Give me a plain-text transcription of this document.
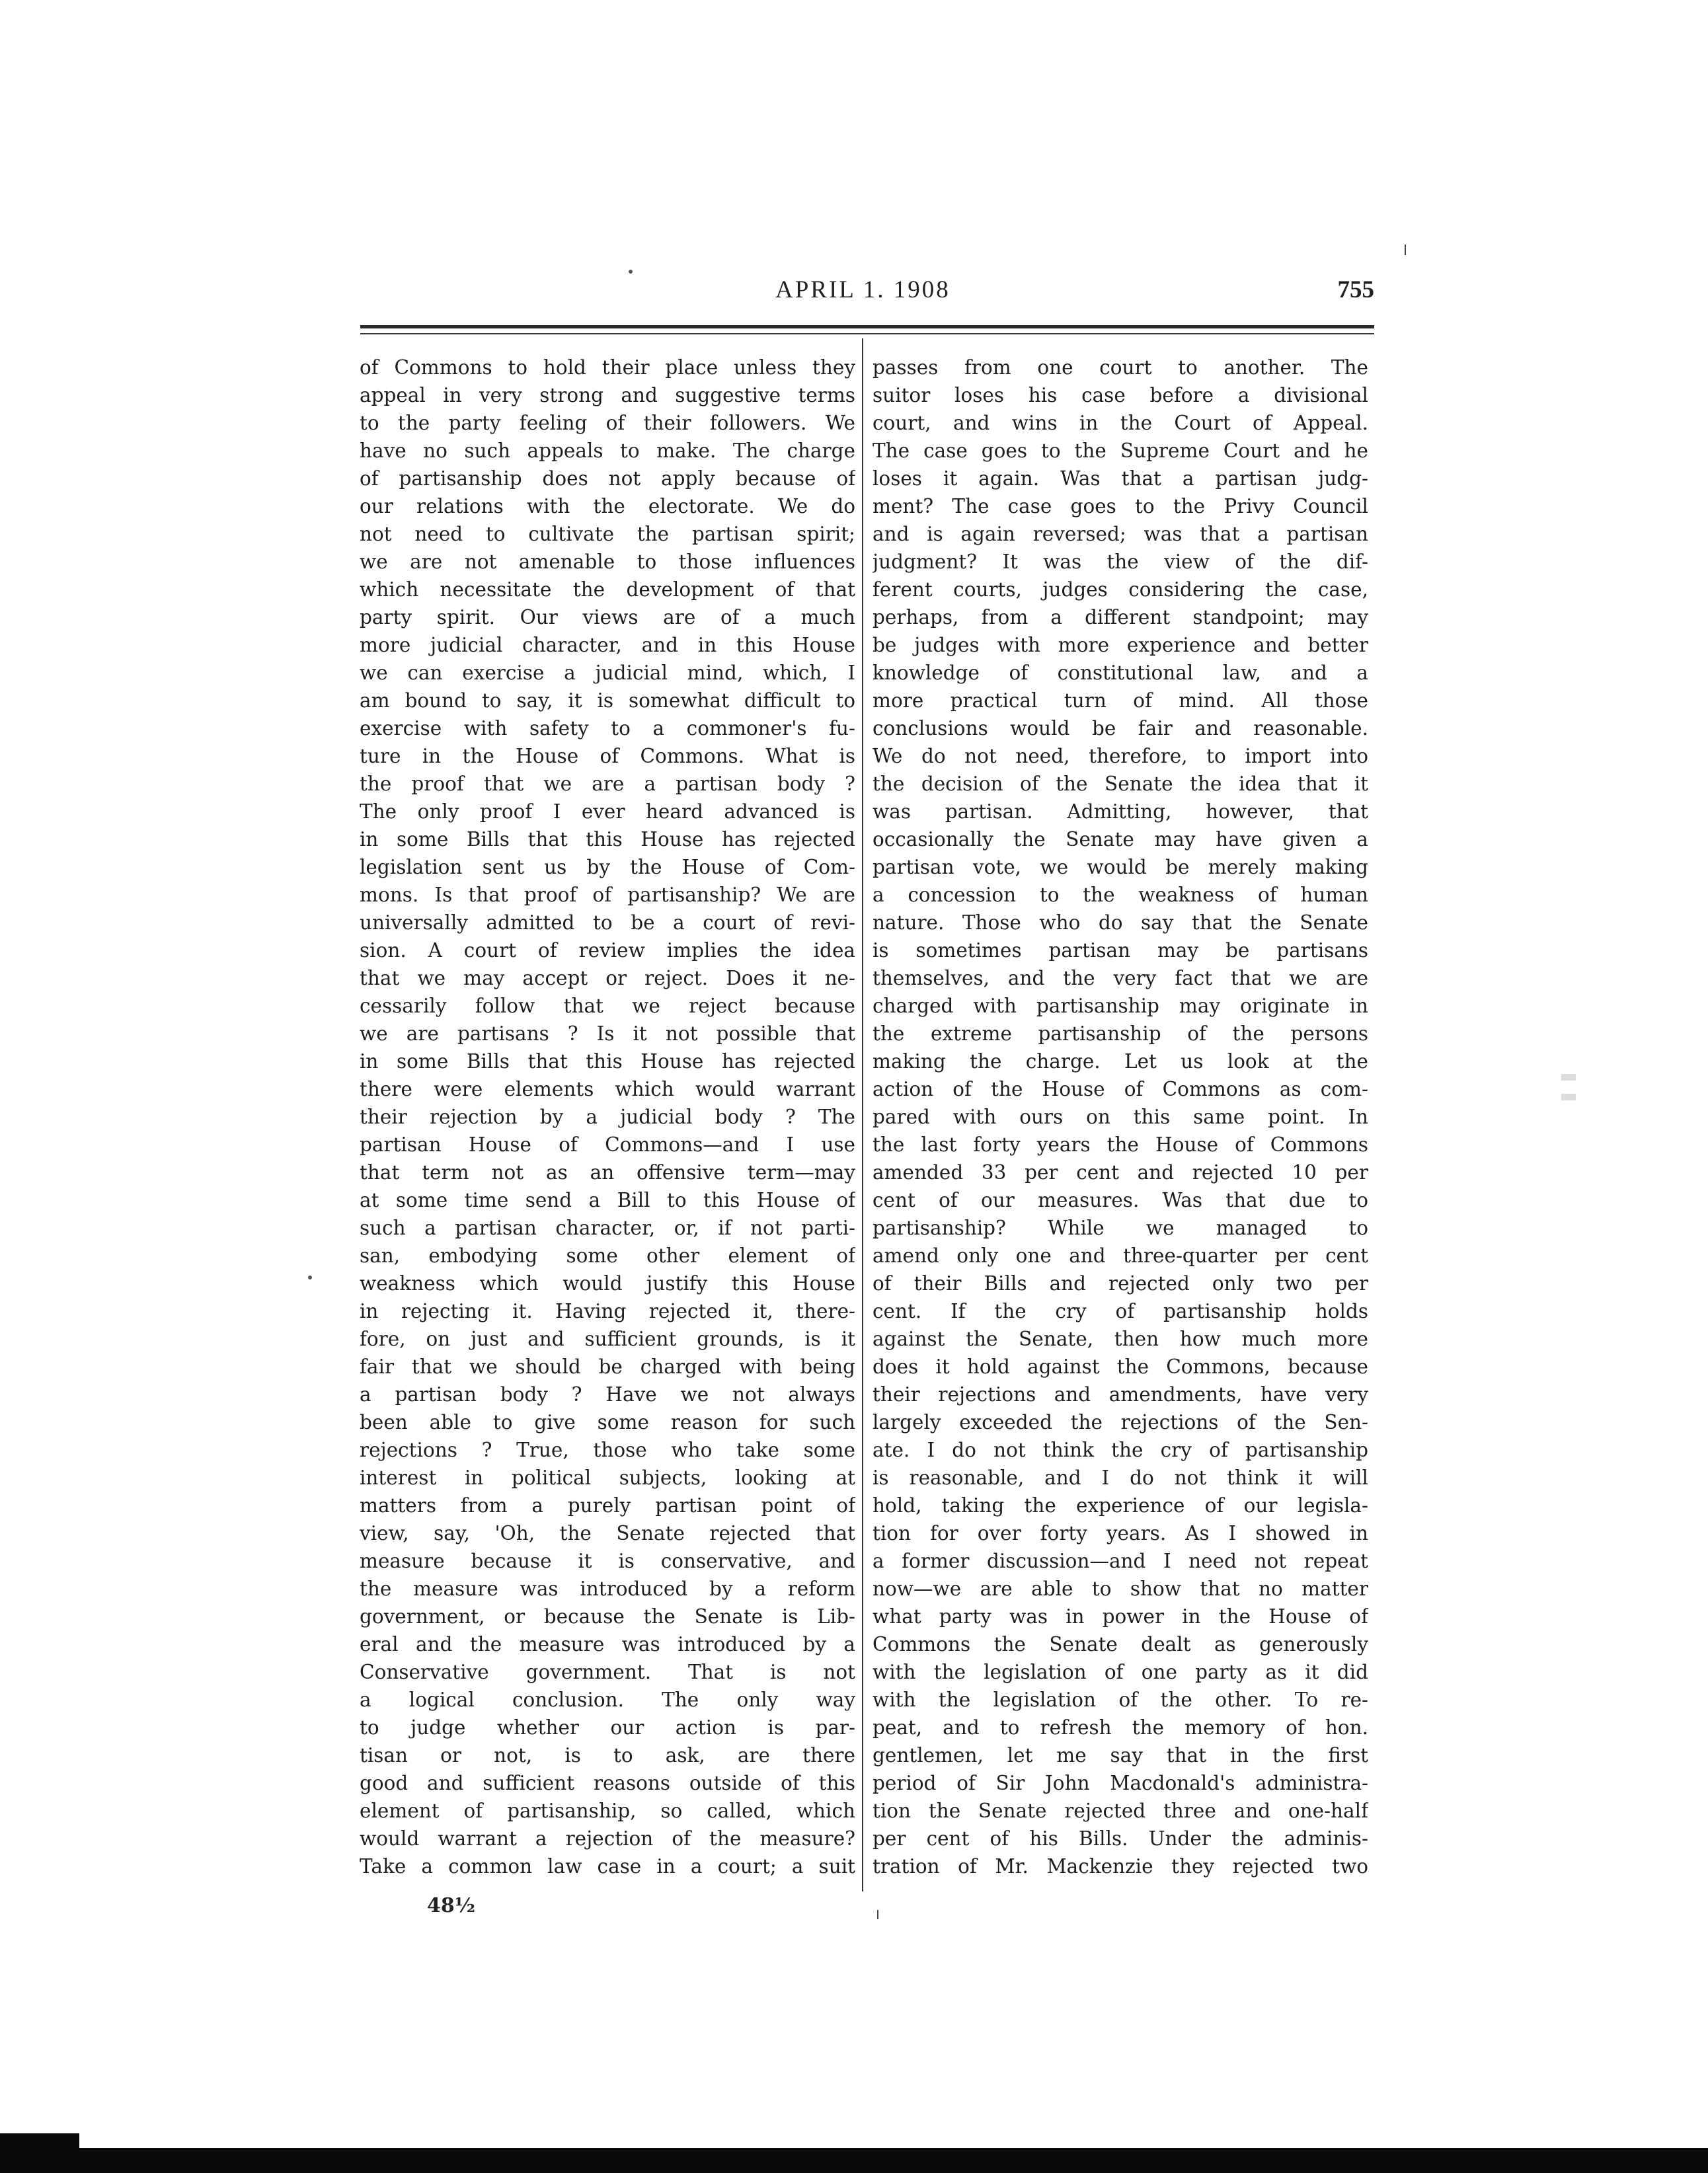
APRIL 1. 1908	755
of Commons to hold their place unless they
appeal in very strong and suggestive terms
to the party feeling of their followers. We
have no such appeals to make. The charge
of partisanship does not apply because of
our relations with the electorate. We do
not need to cultivate the partisan spirit;
we are not amenable to those influences
which necessitate the development of that
party spirit. Our views are of a much
more judicial character, and in this House
we can exercise a judicial mind, which, I
am bound to say, it is somewhat difficult to
exercise with safety to a commoner's fu-
ture in the House of Commons. What is
the proof that we are a partisan body ?
The only proof I ever heard advanced is
in some Bills that this House has rejected
legislation sent us by the House of Com-
mons. Is that proof of partisanship? We are
universally admitted to be a court of revi-
sion. A court of review implies the idea
that we may accept or reject. Does it ne-
cessarily follow that we reject because
we are partisans ? Is it not possible that
in some Bills that this House has rejected
there were elements which would warrant
their rejection by a judicial body ? The
partisan House of Commons—and I use
that term not as an offensive term—may
at some time send a Bill to this House of
such a partisan character, or, if not parti-
san, embodying some other element of
weakness which would justify this House
in rejecting it. Having rejected it, there-
fore, on just and sufficient grounds, is it
fair that we should be charged with being
a partisan body ? Have we not always
been able to give some reason for such
rejections ? True, those who take some
interest in political subjects, looking at
matters from a purely partisan point of
view, say, 'Oh, the Senate rejected that
measure because it is conservative, and
the measure was introduced by a reform
government, or because the Senate is Lib-
eral and the measure was introduced by a
Conservative government. That is not
a logical conclusion. The only way
to judge whether our action is par-
tisan or not, is to ask, are there
good and sufficient reasons outside of this
element of partisanship, so called, which
would warrant a rejection of the measure?
Take a common law case in a court; a suit
passes from one court to another. The
suitor loses his case before a divisional
court, and wins in the Court of Appeal.
The case goes to the Supreme Court and he
loses it again. Was that a partisan judg-
ment? The case goes to the Privy Council
and is again reversed; was that a partisan
judgment? It was the view of the dif-
ferent courts, judges considering the case,
perhaps, from a different standpoint; may
be judges with more experience and better
knowledge of constitutional law, and a
more practical turn of mind. All those
conclusions would be fair and reasonable.
We do not need, therefore, to import into
the decision of the Senate the idea that it
was partisan. Admitting, however, that
occasionally the Senate may have given a
partisan vote, we would be merely making
a concession to the weakness of human
nature. Those who do say that the Senate
is sometimes partisan may be partisans
themselves, and the very fact that we are
charged with partisanship may originate in
the extreme partisanship of the persons
making the charge. Let us look at the
action of the House of Commons as com-
pared with ours on this same point. In
the last forty years the House of Commons
amended 33 per cent and rejected 10 per
cent of our measures. Was that due to
partisanship? While we managed to
amend only one and three-quarter per cent
of their Bills and rejected only two per
cent. If the cry of partisanship holds
against the Senate, then how much more
does it hold against the Commons, because
their rejections and amendments, have very
largely exceeded the rejections of the Sen-
ate. I do not think the cry of partisanship
is reasonable, and I do not think it will
hold, taking the experience of our legisla-
tion for over forty years. As I showed in
a former discussion—and I need not repeat
now—we are able to show that no matter
what party was in power in the House of
Commons the Senate dealt as generously
with the legislation of one party as it did
with the legislation of the other. To re-
peat, and to refresh the memory of hon.
gentlemen, let me say that in the first
period of Sir John Macdonald's administra-
tion the Senate rejected three and one-half
per cent of his Bills. Under the adminis-
tration of Mr. Mackenzie they rejected two
48½
